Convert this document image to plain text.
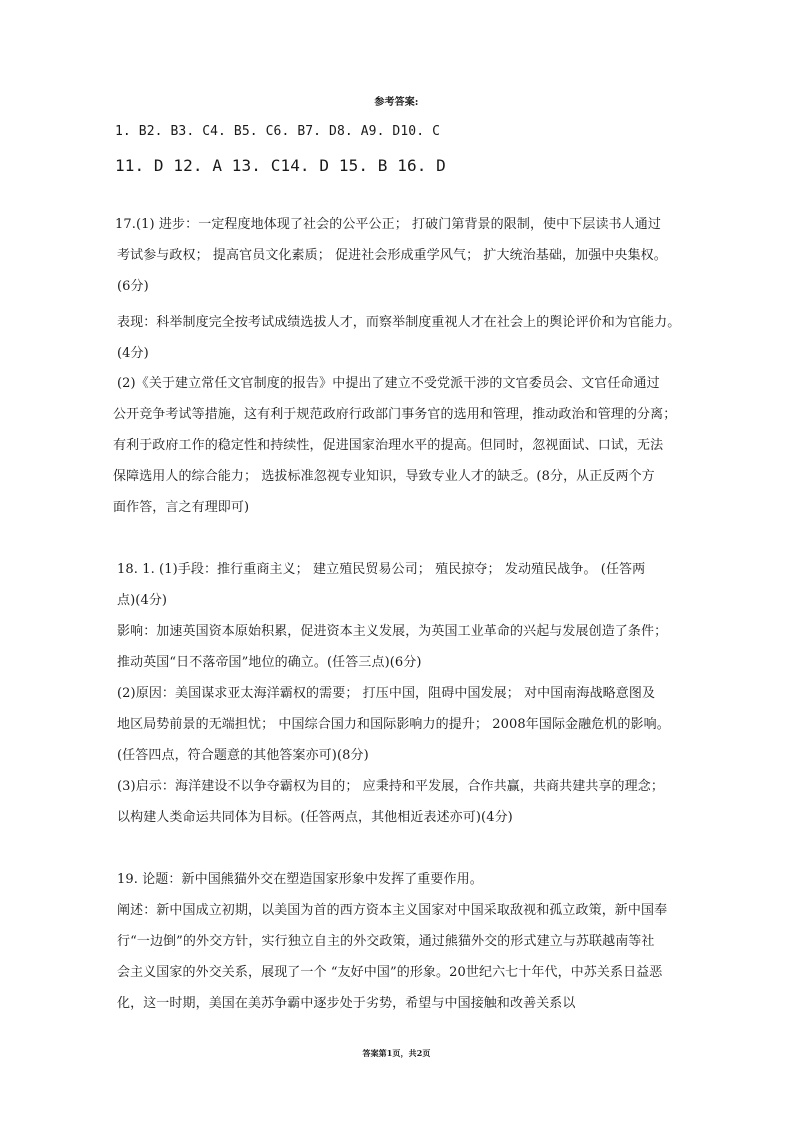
参考答案:
1. B2. B3. C4. B5. C6. B7. D8. A9. D10. C
11. D 12. A 13. C14. D 15. B 16. D
17.(1) 进步：一定程度地体现了社会的公平公正； 打破门第背景的限制，使中下层读书人通过
考试参与政权； 提高官员文化素质； 促进社会形成重学风气； 扩大统治基础，加强中央集权。
(6分)
表现：科举制度完全按考试成绩选拔人才，而察举制度重视人才在社会上的舆论评价和为官能力。
(4分)
(2)《关于建立常任文官制度的报告》中提出了建立不受党派干涉的文官委员会、文官任命通过
公开竞争考试等措施，这有利于规范政府行政部门事务官的选用和管理，推动政治和管理的分离；
有利于政府工作的稳定性和持续性，促进国家治理水平的提高。但同时，忽视面试、口试，无法
保障选用人的综合能力； 选拔标准忽视专业知识，导致专业人才的缺乏。(8分，从正反两个方
面作答，言之有理即可)
18. 1. (1)手段：推行重商主义； 建立殖民贸易公司； 殖民掠夺； 发动殖民战争。 (任答两
点)(4分)
影响：加速英国资本原始积累，促进资本主义发展，为英国工业革命的兴起与发展创造了条件；
推动英国“日不落帝国”地位的确立。(任答三点)(6分)
(2)原因：美国谋求亚太海洋霸权的需要； 打压中国，阻碍中国发展； 对中国南海战略意图及
地区局势前景的无端担忧； 中国综合国力和国际影响力的提升； 2008年国际金融危机的影响。
(任答四点，符合题意的其他答案亦可)(8分)
(3)启示：海洋建设不以争夺霸权为目的； 应秉持和平发展，合作共赢，共商共建共享的理念；
以构建人类命运共同体为目标。(任答两点，其他相近表述亦可)(4分)
19. 论题：新中国熊猫外交在塑造国家形象中发挥了重要作用。
阐述：新中国成立初期，以美国为首的西方资本主义国家对中国采取敌视和孤立政策，新中国奉
行“一边倒”的外交方针，实行独立自主的外交政策，通过熊猫外交的形式建立与苏联越南等社
会主义国家的外交关系，展现了一个 “友好中国”的形象。20世纪六七十年代，中苏关系日益恶
化，这一时期，美国在美苏争霸中逐步处于劣势，希望与中国接触和改善关系以
答案第1页，共2页
